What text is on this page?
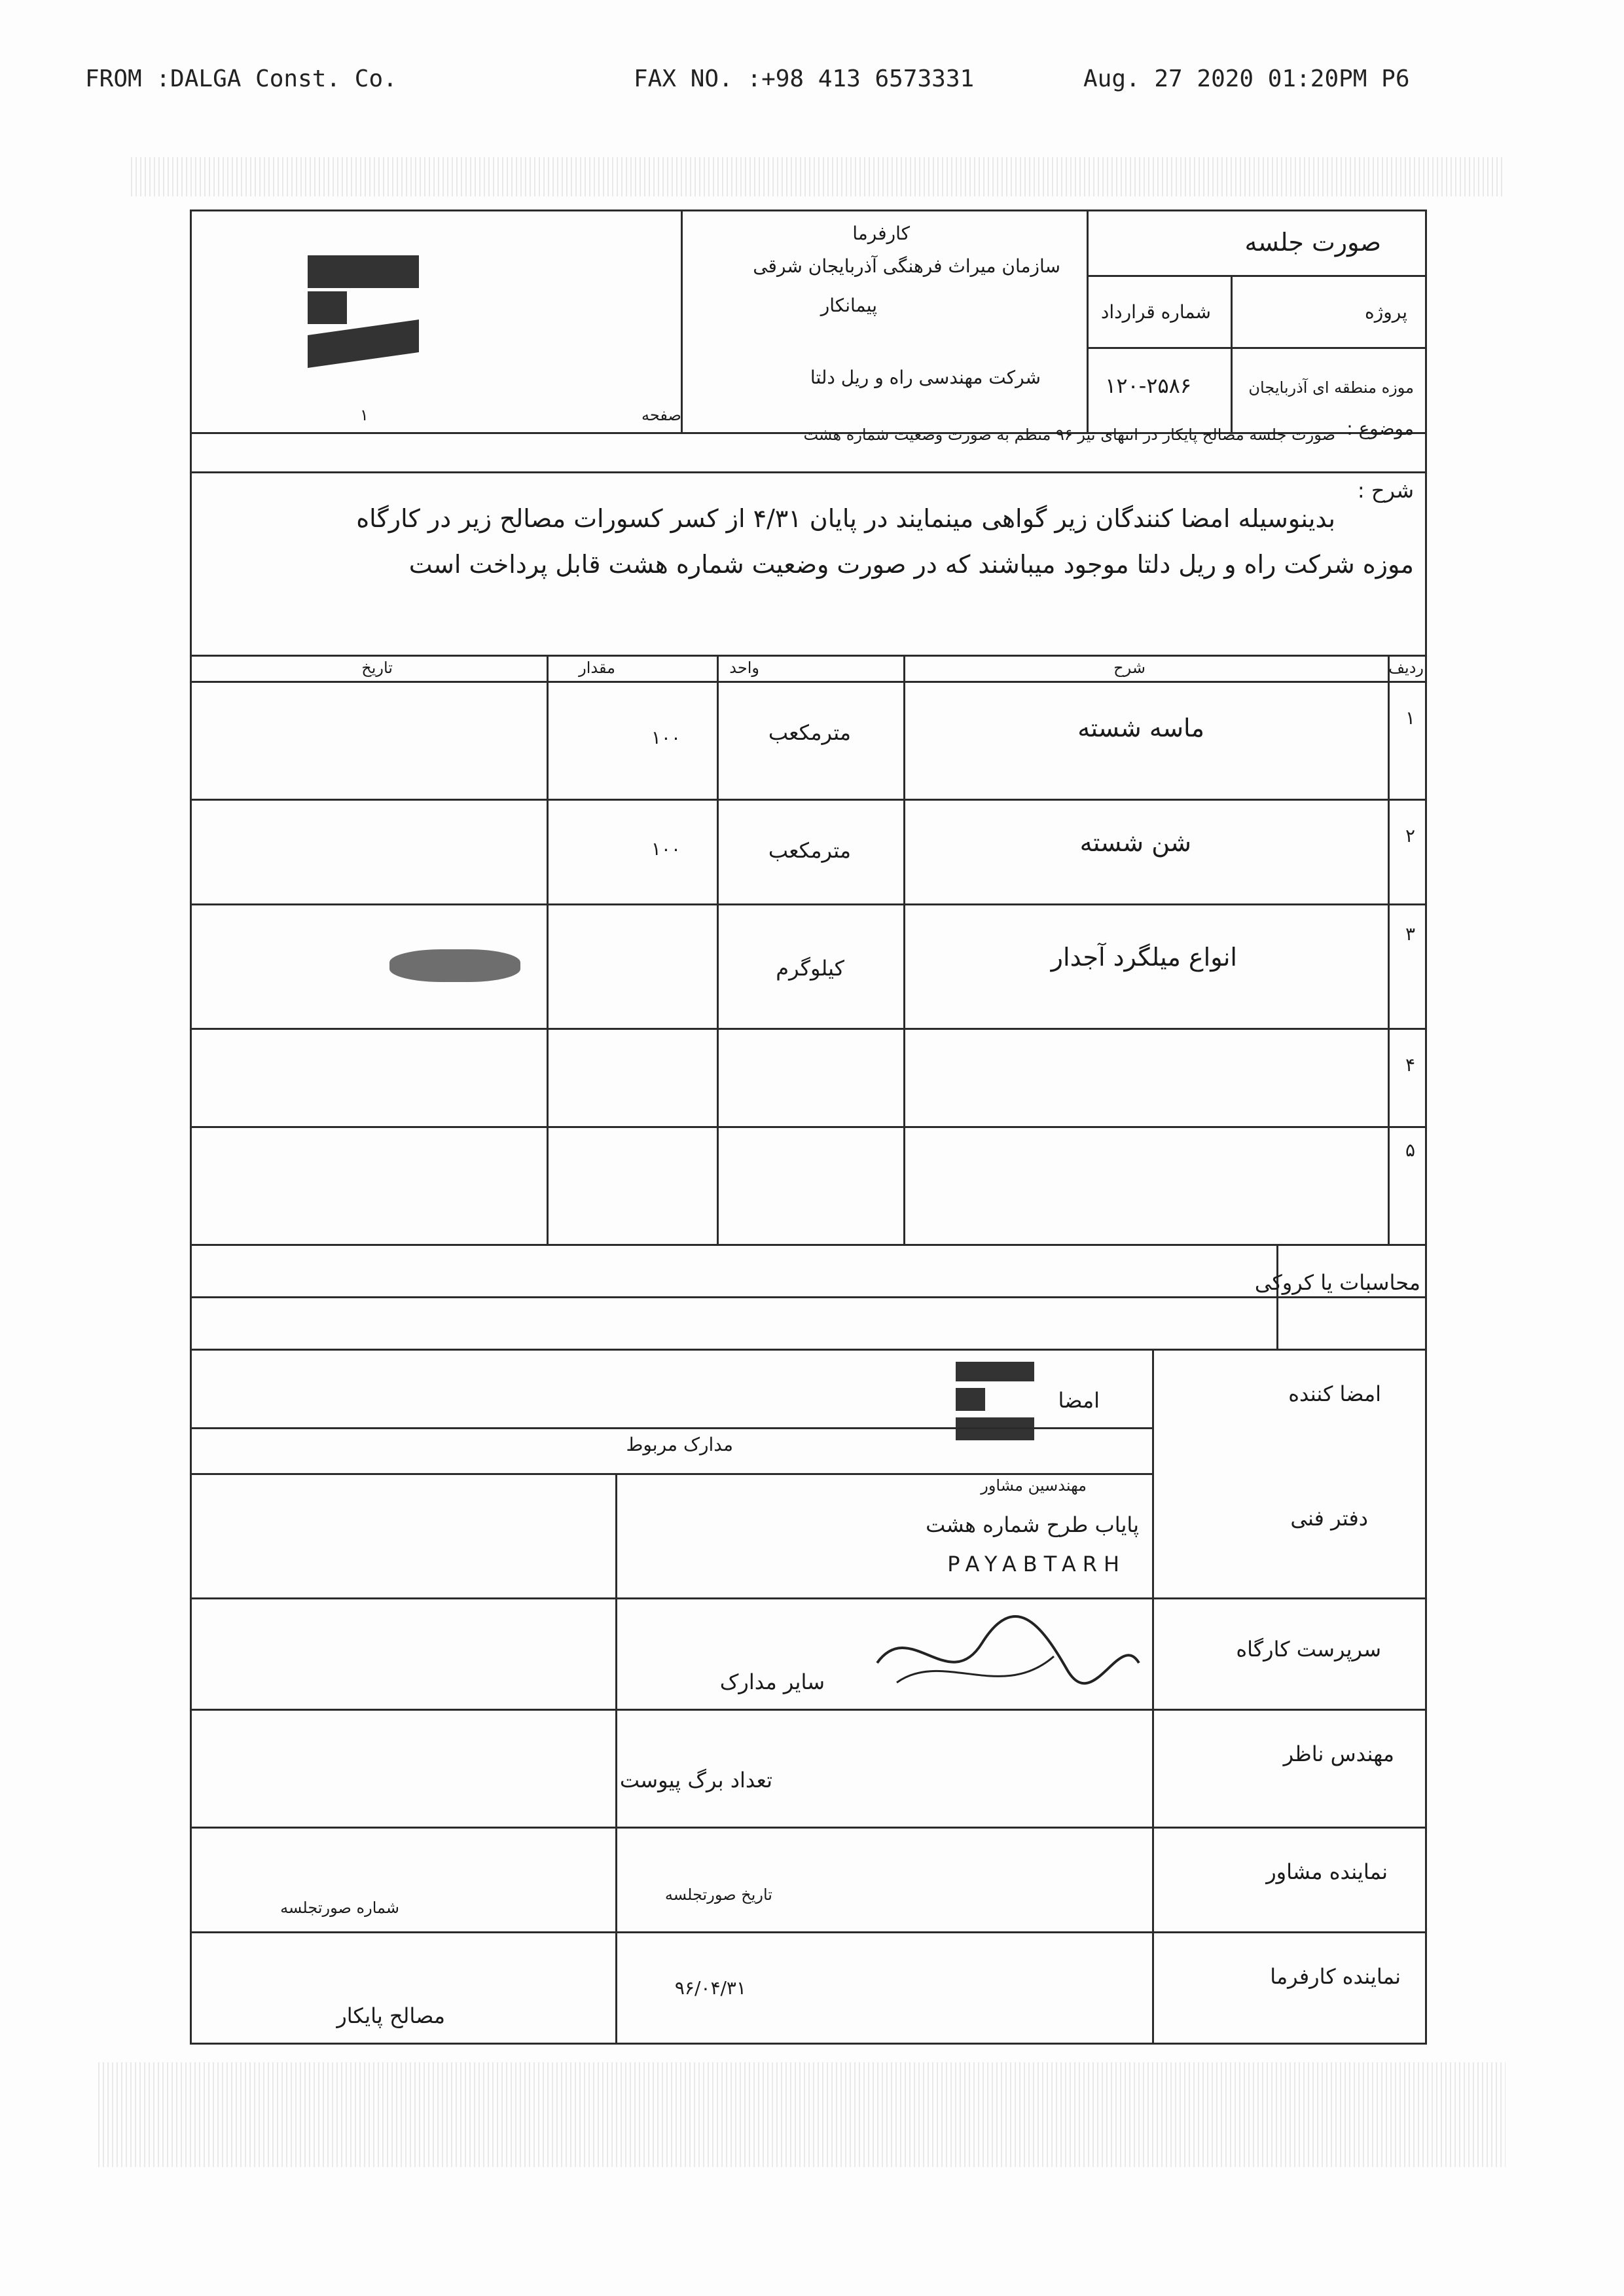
FROM :DALGA Const. Co.	FAX NO. :+98 413 6573331	Aug. 27 2020 01:20PM P6
صورت جلسه
پروژه
شماره قرارداد
موزه منطقه ای آذربایجان
۱۲۰-۲۵۸۶
کارفرما
سازمان میراث فرهنگی آذربایجان شرقی
پیمانکار
شرکت مهندسی راه و ریل دلتا
صفحه
۱
موضوع :
صورت جلسه مصالح پایکار در انتهای تیر ۹۶ منظم به صورت وضعیت شماره هشت
شرح :
بدینوسیله امضا کنندگان زیر گواهی مینمایند در پایان ۴/۳۱ از کسر کسورات مصالح زیر در کارگاه
موزه شرکت راه و ریل دلتا موجود میباشند که در صورت وضعیت شماره هشت قابل پرداخت است
ردیف
شرح
واحد
مقدار
تاریخ
۱
ماسه شسته
مترمکعب
۱۰۰
۲
شن شسته
مترمکعب
۱۰۰
۳
انواع میلگرد آجدار
کیلوگرم
۴
۵
محاسبات یا کروکی
امضا کننده
امضا
مدارک مربوط
دفتر فنی
مهندسین مشاور
پایاب طرح شماره هشت
PAYABTARH
سرپرست کارگاه
سایر مدارک
مهندس ناظر
تعداد برگ پیوست
نماینده مشاور
تاریخ صورتجلسه
شماره صورتجلسه
نماینده کارفرما
۹۶/۰۴/۳۱
مصالح پایکار
